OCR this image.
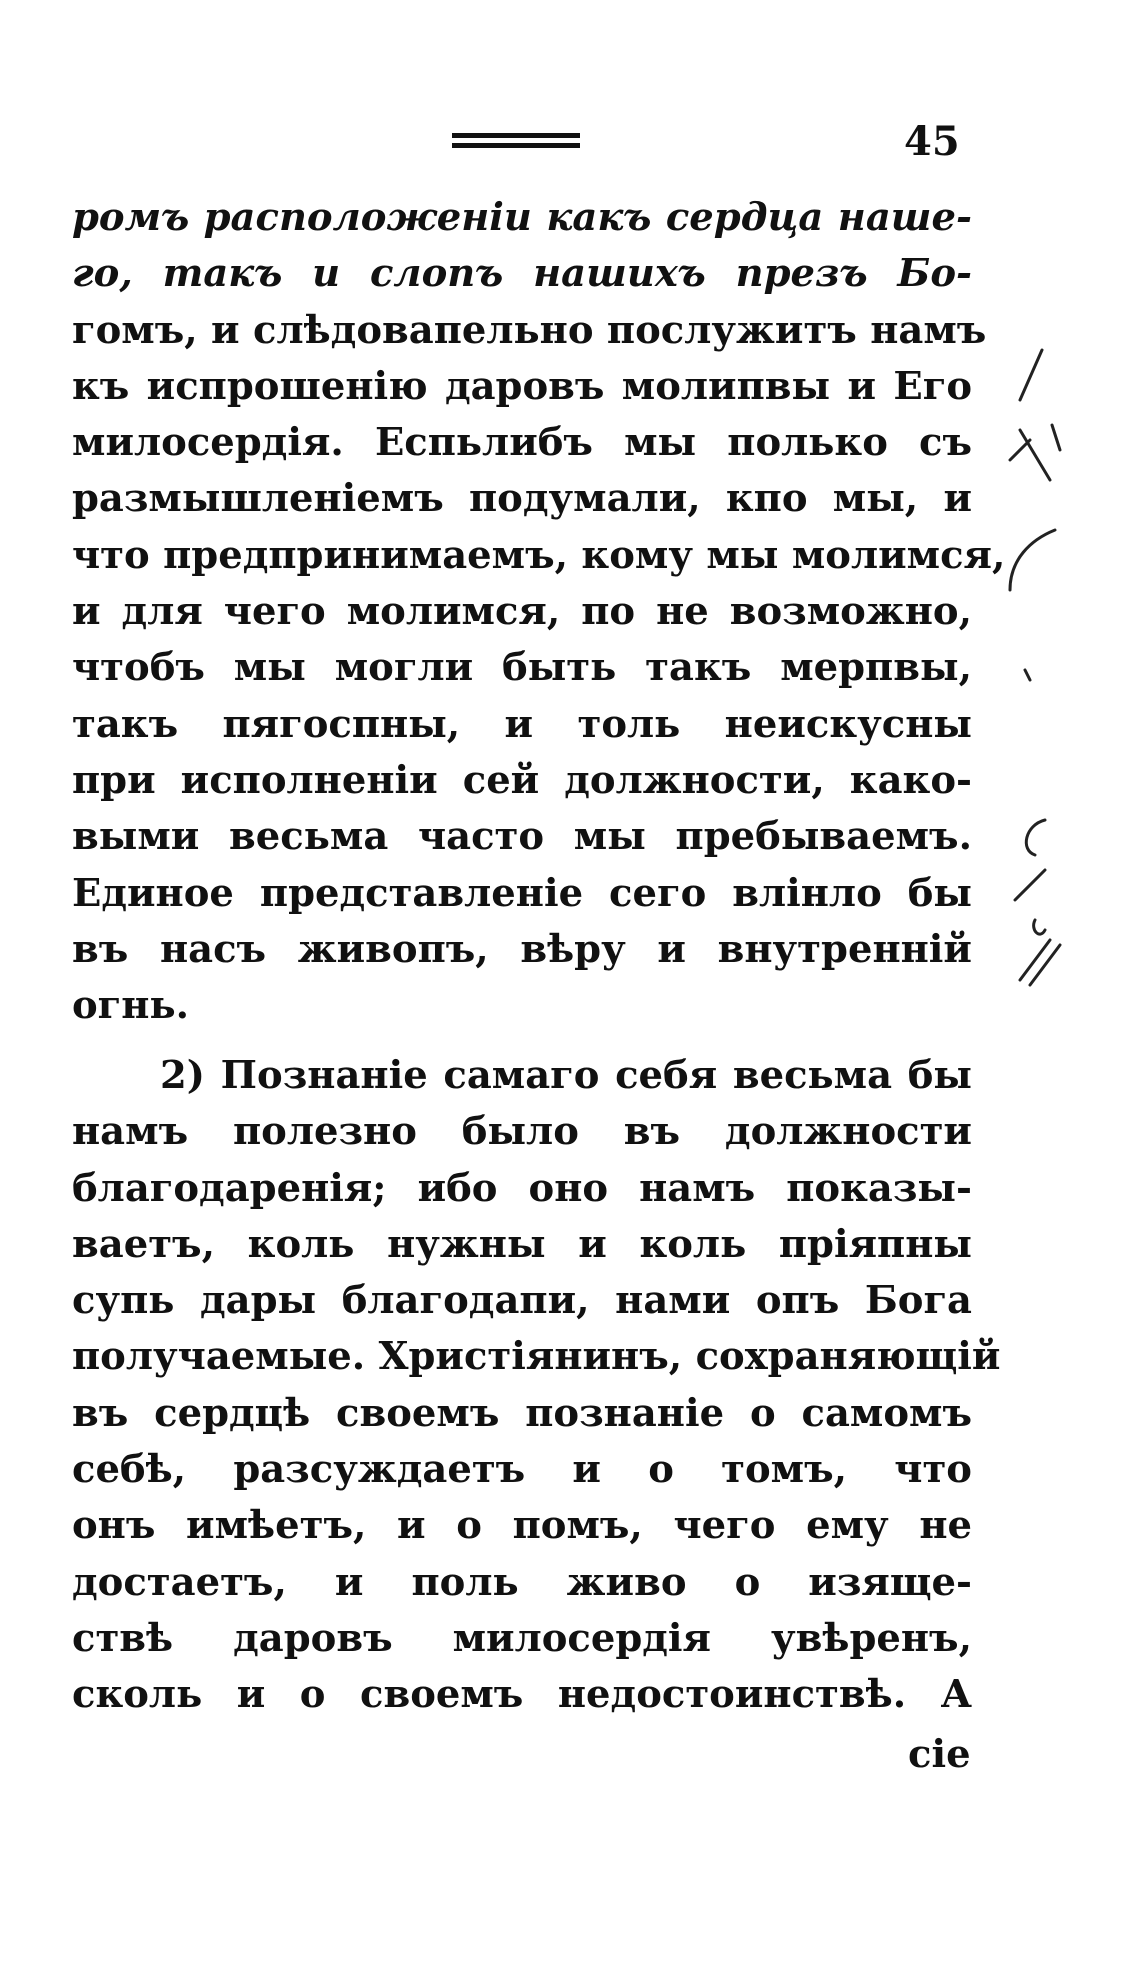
45
ромъ расположеніи какъ сердца наше-
го, такъ и слопъ нашихъ презъ Бо-
гомъ, и слѣдовапельно послужитъ намъ
къ испрошенію даровъ молипвы и Его
милосердія. Еспьлибъ мы полько съ
размышленіемъ подумали, кпо мы, и
что предпринимаемъ, кому мы молимся,
и для чего молимся, по не возможно,
чтобъ мы могли быть такъ мерпвы,
такъ пягоспны, и толь неискусны
при исполненіи сей должности, како-
выми весьма часто мы пребываемъ.
Единое представленіе сего влінло бы
въ насъ живопъ, вѣру и внутренній
огнь.
2) Познаніе самаго себя весьма бы
намъ полезно было въ должности
благодаренія; ибо оно намъ показы-
ваетъ, коль нужны и коль пріяпны
супь дары благодапи, нами опъ Бога
получаемые. Христіянинъ, сохраняющій
въ сердцѣ своемъ познаніе о самомъ
себѣ, разсуждаетъ и о томъ, что
онъ имѣетъ, и о помъ, чего ему не
достаетъ, и поль живо о изяще-
ствѣ даровъ милосердія увѣренъ,
сколь и о своемъ недостоинствѣ. А
сіе
